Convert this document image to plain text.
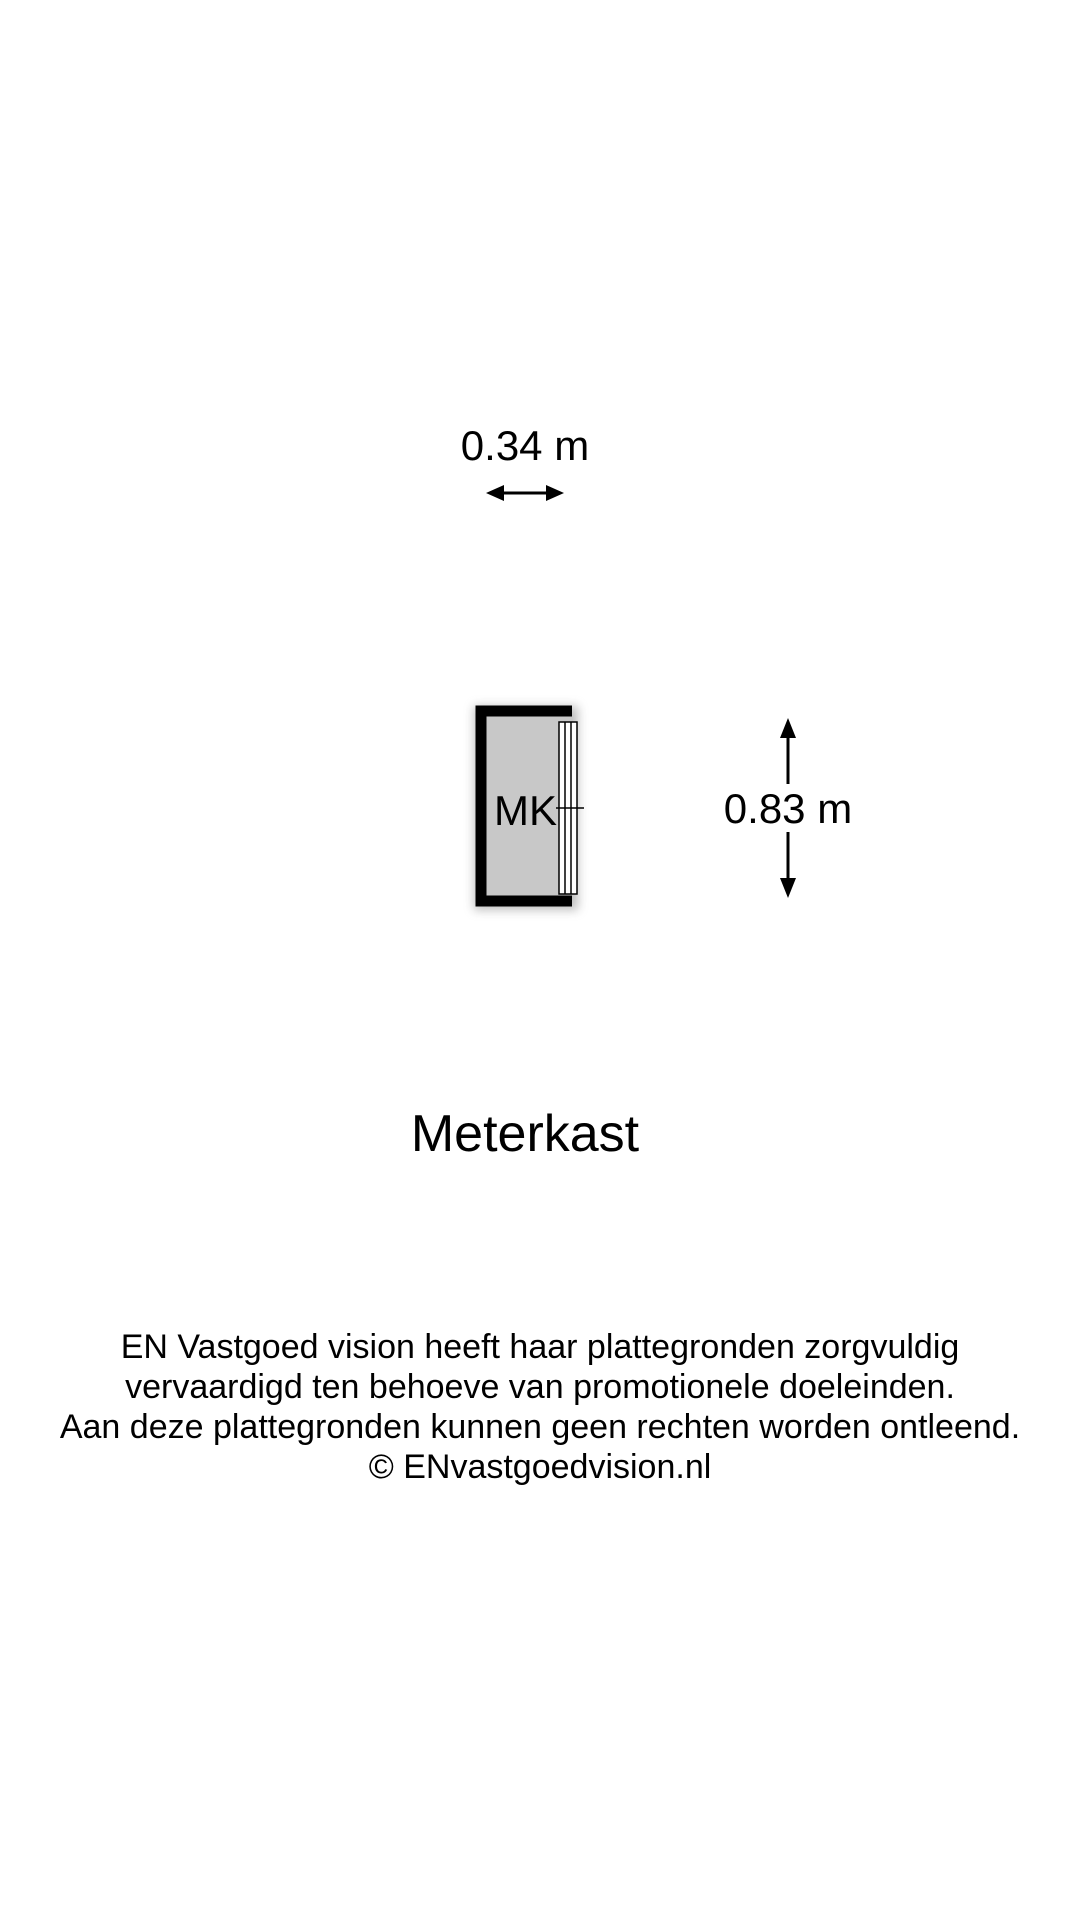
0.34 m
MK	0.83 m
Meterkast
EN Vastgoed vision heeft haar plattegronden zorgvuldig
vervaardigd ten behoeve van promotionele doeleinden.
Aan deze plattegronden kunnen geen rechten worden ontleend.
© ENvastgoedvision.nl
